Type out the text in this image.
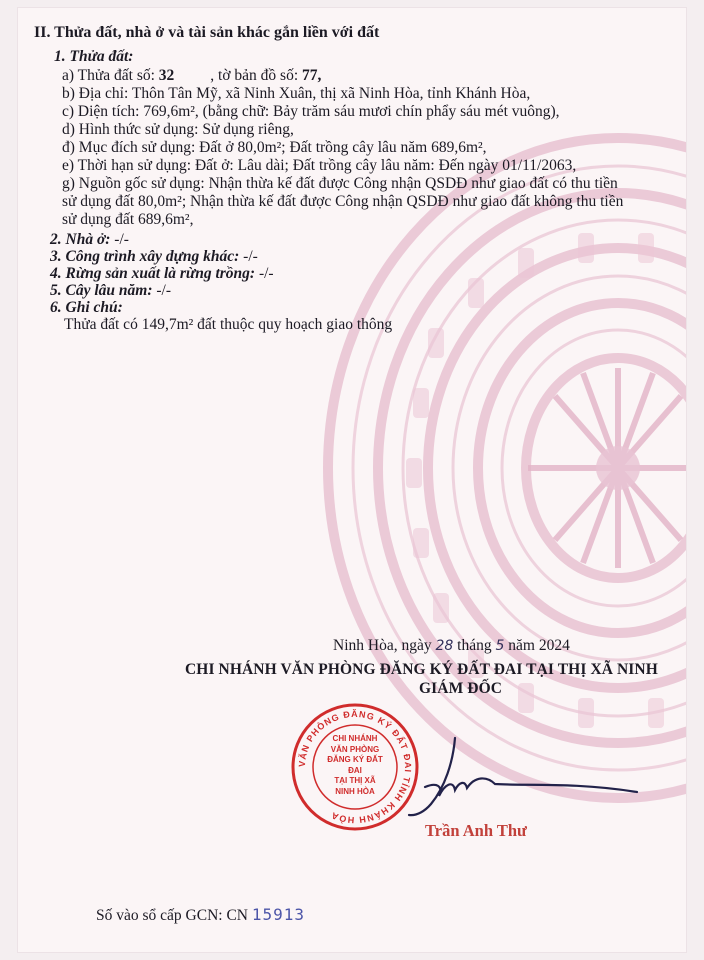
II. Thửa đất, nhà ở và tài sản khác gắn liền với đất
1. Thửa đất:
a) Thửa đất số: 32 , tờ bản đồ số: 77,
b) Địa chỉ: Thôn Tân Mỹ, xã Ninh Xuân, thị xã Ninh Hòa, tỉnh Khánh Hòa,
c) Diện tích: 769,6m², (bằng chữ: Bảy trăm sáu mươi chín phẩy sáu mét vuông),
d) Hình thức sử dụng: Sử dụng riêng,
đ) Mục đích sử dụng: Đất ở 80,0m²; Đất trồng cây lâu năm 689,6m²,
e) Thời hạn sử dụng: Đất ở: Lâu dài; Đất trồng cây lâu năm: Đến ngày 01/11/2063,
g) Nguồn gốc sử dụng: Nhận thừa kế đất được Công nhận QSDĐ như giao đất có thu tiền
sử dụng đất 80,0m²; Nhận thừa kế đất được Công nhận QSDĐ như giao đất không thu tiền
sử dụng đất 689,6m²,
2. Nhà ở: -/-
3. Công trình xây dựng khác: -/-
4. Rừng sản xuất là rừng trồng: -/-
5. Cây lâu năm: -/-
6. Ghi chú:
Thửa đất có 149,7m² đất thuộc quy hoạch giao thông
Ninh Hòa, ngày 28 tháng 5 năm 2024
CHI NHÁNH VĂN PHÒNG ĐĂNG KÝ ĐẤT ĐAI TẠI THỊ XÃ NINH
GIÁM ĐỐC
VĂN PHÒNG ĐĂNG KÝ ĐẤT ĐAI TỈNH KHÁNH HÒA
CHI NHÁNH
VĂN PHÒNG
ĐĂNG KÝ ĐẤT ĐAI
TẠI THỊ XÃ
NINH HÒA
Trần Anh Thư
Số vào sổ cấp GCN: CN 15913
